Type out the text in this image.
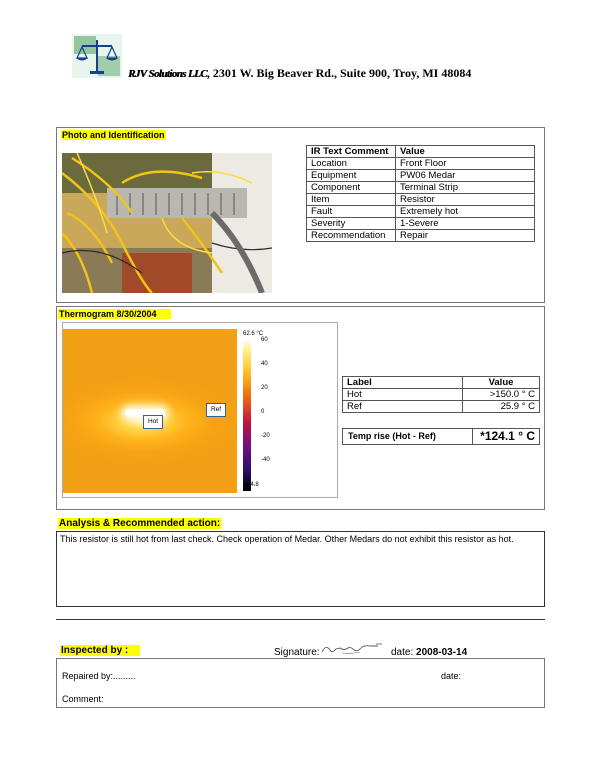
RJV Solutions LLC, 2301 W. Big Beaver Rd., Suite 900, Troy, MI 48084
Photo and Identification
IR Text Comment	Value
Location	Front Floor
Equipment	PW06 Medar
Component	Terminal Strip
Item	Resistor
Fault	Extremely hot
Severity	1-Severe
Recommendation	Repair
Thermogram 8/30/2004
Hot
Ref
62.6 °C
60
40
20
0
-20
-40
-54.8
Label	Value
Hot	>150.0 ° C
Ref	25.9 ° C
Temp rise (Hot - Ref)	*124.1 ° C
Analysis & Recommended action:
This resistor is still hot from last check. Check operation of Medar. Other Medars do not exhibit this resistor as hot.
Inspected by :	Signature:	date: 2008-03-14
Repaired by:.........	date:
Comment:
